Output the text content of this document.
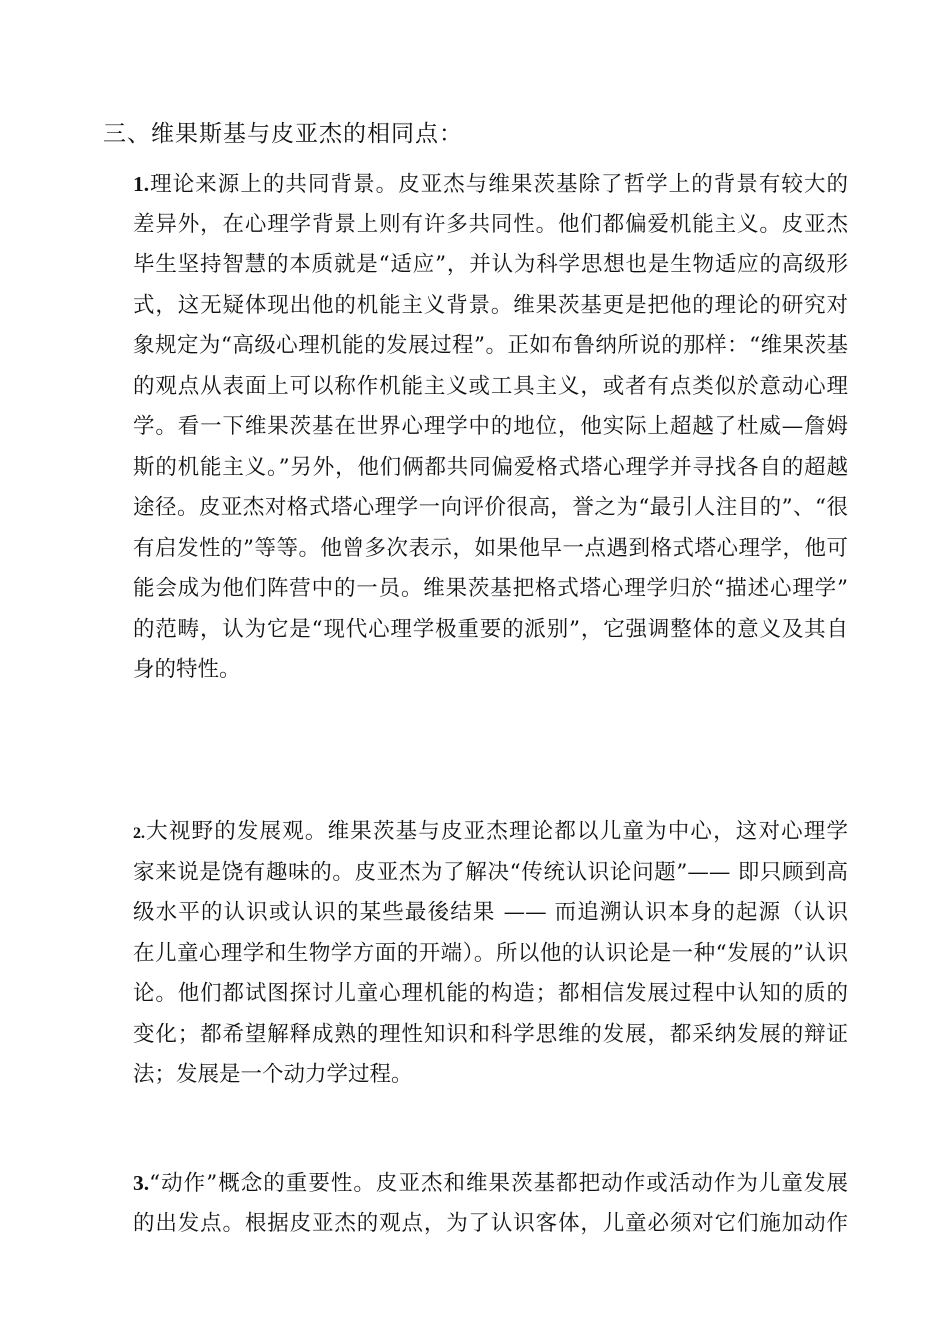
三、维果斯基与皮亚杰的相同点：
1.理论来源上的共同背景。皮亚杰与维果茨基除了哲学上的背景有较大的
差异外，在心理学背景上则有许多共同性。他们都偏爱机能主义。皮亚杰
毕生坚持智慧的本质就是“适应”，并认为科学思想也是生物适应的高级形
式，这无疑体现出他的机能主义背景。维果茨基更是把他的理论的研究对
象规定为“高级心理机能的发展过程”。正如布鲁纳所说的那样：“维果茨基
的观点从表面上可以称作机能主义或工具主义，或者有点类似於意动心理
学。看一下维果茨基在世界心理学中的地位，他实际上超越了杜威—詹姆
斯的机能主义。”另外，他们俩都共同偏爱格式塔心理学并寻找各自的超越
途径。皮亚杰对格式塔心理学一向评价很高，誉之为“最引人注目的”、“很
有启发性的”等等。他曾多次表示，如果他早一点遇到格式塔心理学，他可
能会成为他们阵营中的一员。维果茨基把格式塔心理学归於“描述心理学”
的范畴，认为它是“现代心理学极重要的派别”，它强调整体的意义及其自
身的特性。
2.大视野的发展观。维果茨基与皮亚杰理论都以儿童为中心，这对心理学
家来说是饶有趣味的。皮亚杰为了解决“传统认识论问题”—— 即只顾到高
级水平的认识或认识的某些最後结果 —— 而追溯认识本身的起源（认识
在儿童心理学和生物学方面的开端）。所以他的认识论是一种“发展的”认识
论。他们都试图探讨儿童心理机能的构造；都相信发展过程中认知的质的
变化；都希望解释成熟的理性知识和科学思维的发展，都采纳发展的辩证
法；发展是一个动力学过程。
3.“动作”概念的重要性。皮亚杰和维果茨基都把动作或活动作为儿童发展
的出发点。根据皮亚杰的观点，为了认识客体，儿童必须对它们施加动作
